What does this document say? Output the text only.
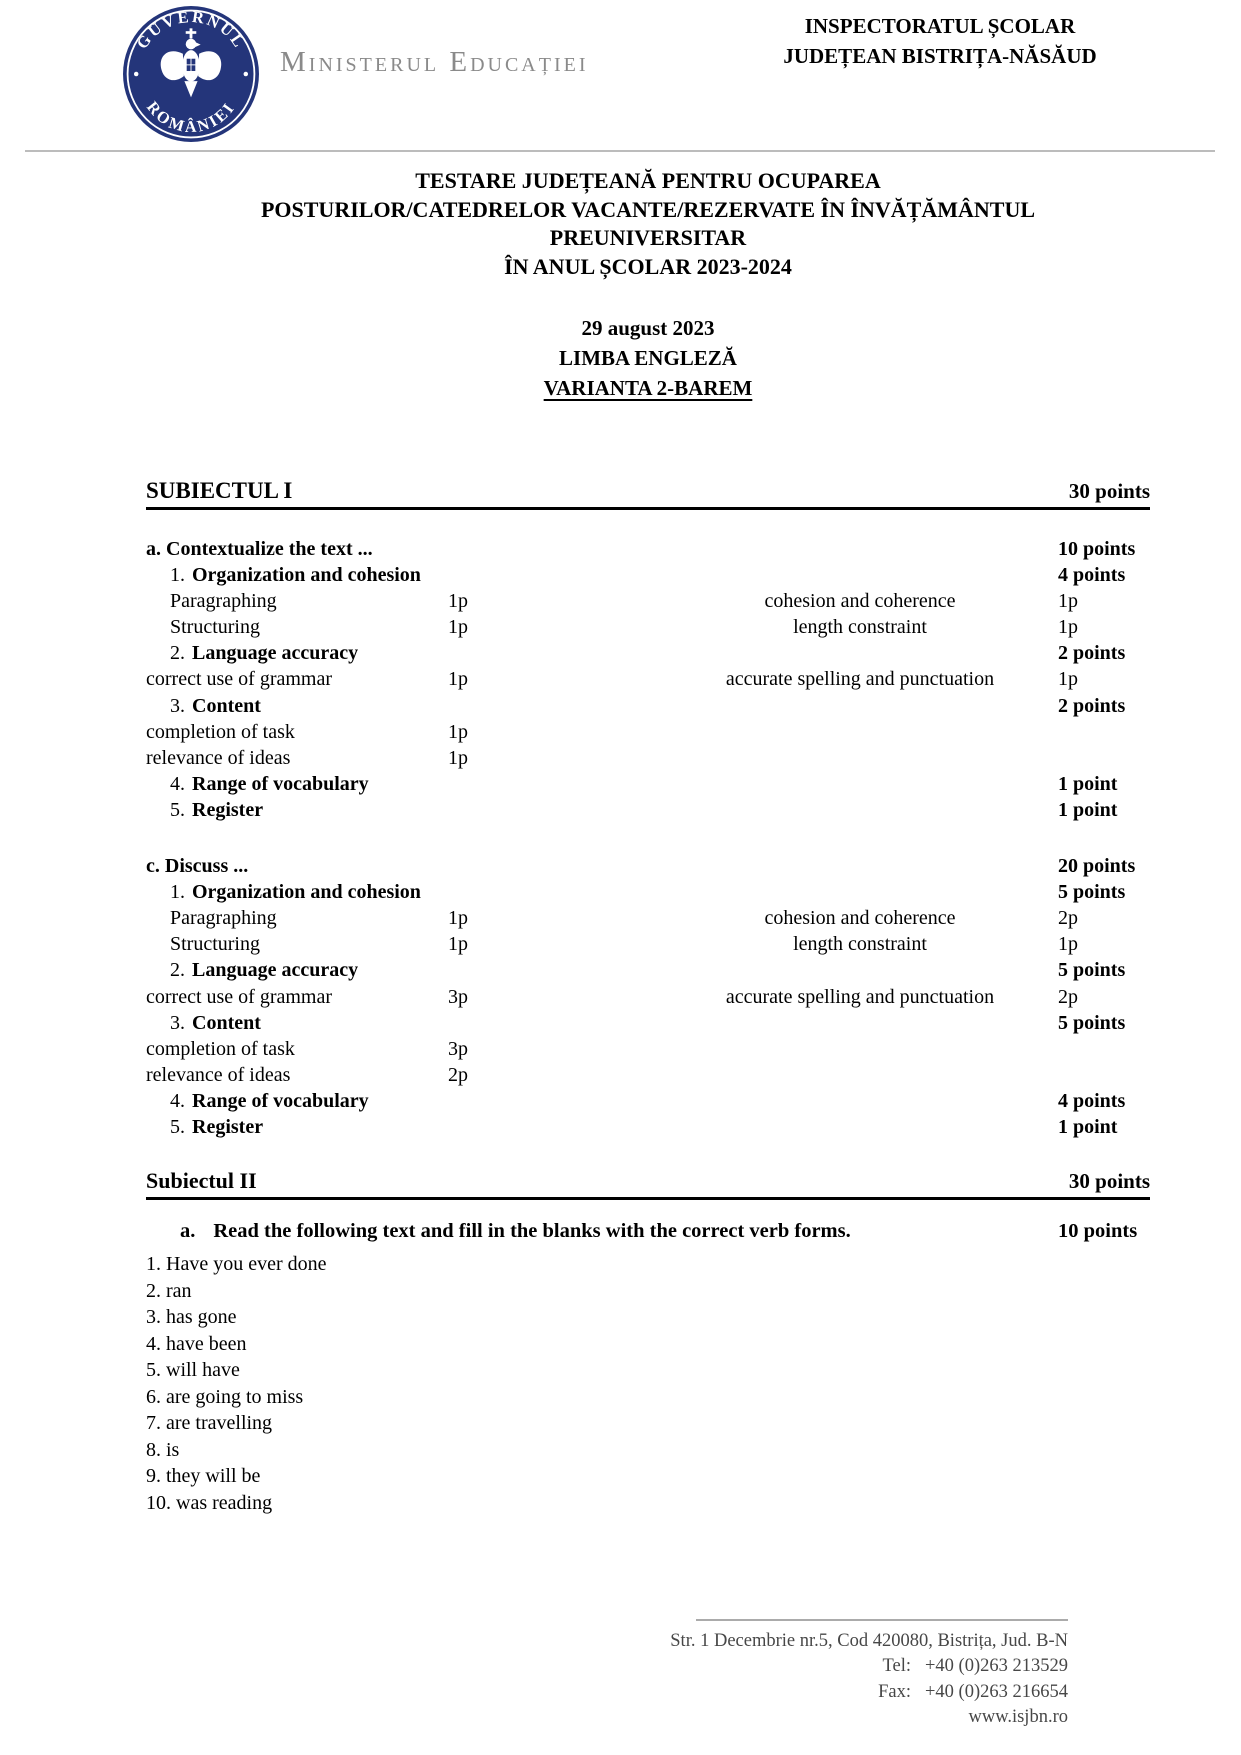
GUVERNUL
ROMÂNIEI
Ministerul Educației
INSPECTORATUL ȘCOLAR
JUDEȚEAN BISTRIȚA-NĂSĂUD
TESTARE JUDEȚEANĂ PENTRU OCUPAREA
POSTURILOR/CATEDRELOR VACANTE/REZERVATE ÎN ÎNVĂȚĂMÂNTUL
PREUNIVERSITAR
ÎN ANUL ȘCOLAR 2023-2024
29 august 2023
LIMBA ENGLEZĂ
VARIANTA 2-BAREM
SUBIECTUL I	30 points
a. Contextualize the text ...	10 points
1. Organization and cohesion	4 points
Paragraphing	1p	cohesion and coherence	1p
Structuring	1p	length constraint	1p
2. Language accuracy	2 points
correct use of grammar	1p	accurate spelling and punctuation	1p
3. Content	2 points
completion of task	1p
relevance of ideas	1p
4. Range of vocabulary	1 point
5. Register	1 point
c. Discuss ...	20 points
1. Organization and cohesion	5 points
Paragraphing	1p	cohesion and coherence	2p
Structuring	1p	length constraint	1p
2. Language accuracy	5 points
correct use of grammar	3p	accurate spelling and punctuation	2p
3. Content	5 points
completion of task	3p
relevance of ideas	2p
4. Range of vocabulary	4 points
5. Register	1 point
Subiectul II	30 points
a. Read the following text and fill in the blanks with the correct verb forms.	10 points
1. Have you ever done
2. ran
3. has gone
4. have been
5. will have
6. are going to miss
7. are travelling
8. is
9. they will be
10. was reading
Str. 1 Decembrie nr.5, Cod 420080, Bistrița, Jud. B-N
Tel: +40 (0)263 213529
Fax: +40 (0)263 216654
www.isjbn.ro
